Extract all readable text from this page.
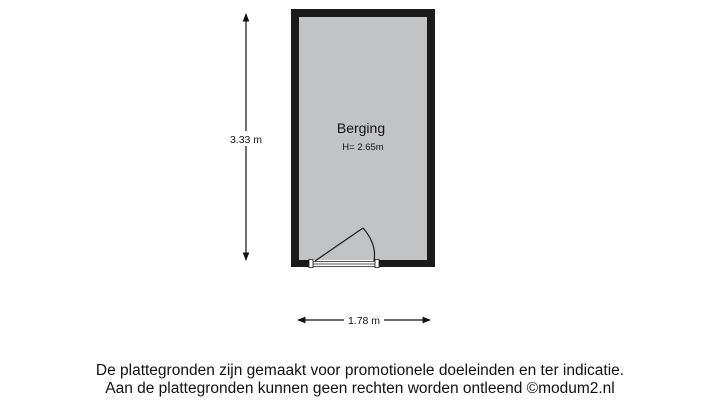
3.33 m
1.78 m
Berging
H= 2.65m
De plattegronden zijn gemaakt voor promotionele doeleinden en ter indicatie.
Aan de plattegronden kunnen geen rechten worden ontleend ©modum2.nl
